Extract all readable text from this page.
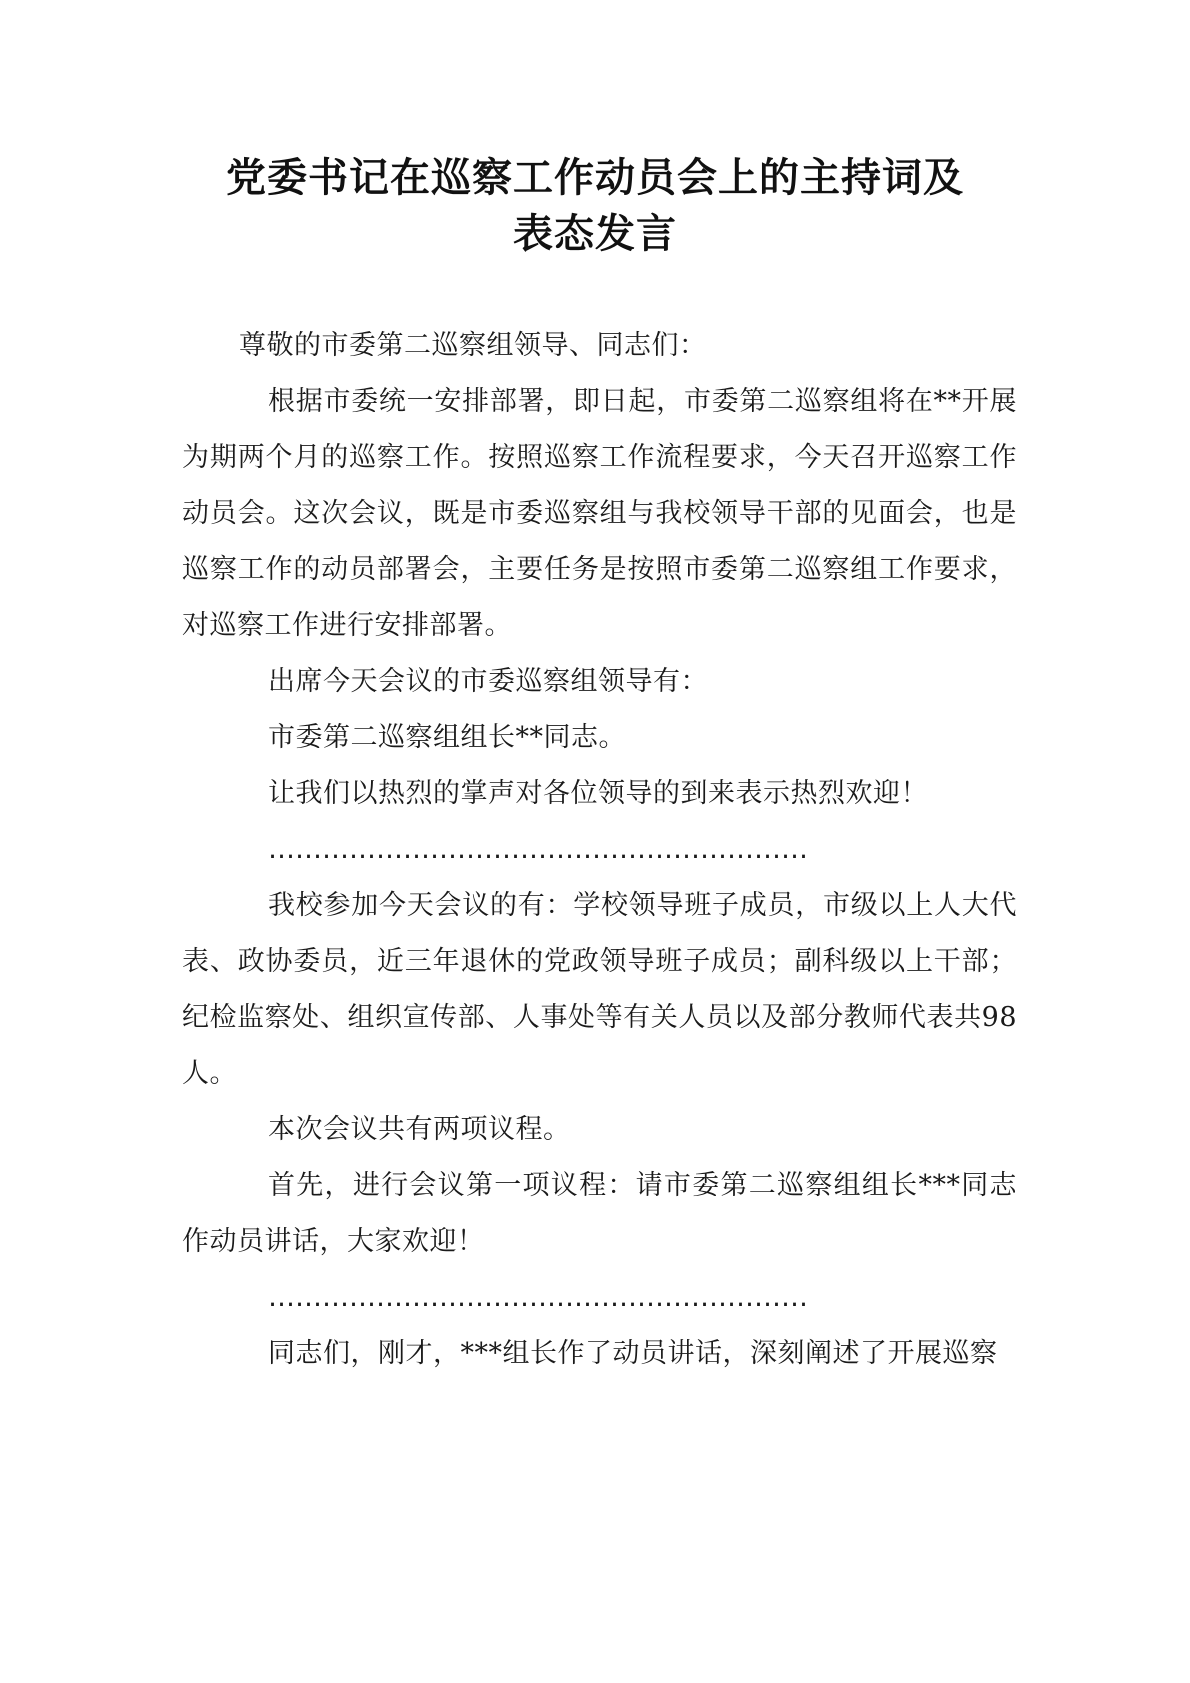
党委书记在巡察工作动员会上的主持词及
表态发言

尊敬的市委第二巡察组领导、同志们：

根据市委统一安排部署，即日起，市委第二巡察组将在**开展为期两个月的巡察工作。按照巡察工作流程要求，今天召开巡察工作动员会。这次会议，既是市委巡察组与我校领导干部的见面会，也是巡察工作的动员部署会，主要任务是按照市委第二巡察组工作要求，对巡察工作进行安排部署。

出席今天会议的市委巡察组领导有：

市委第二巡察组组长**同志。

让我们以热烈的掌声对各位领导的到来表示热烈欢迎！

……………………………………………………

我校参加今天会议的有：学校领导班子成员，市级以上人大代表、政协委员，近三年退休的党政领导班子成员；副科级以上干部；纪检监察处、组织宣传部、人事处等有关人员以及部分教师代表共98人。

本次会议共有两项议程。

首先，进行会议第一项议程：请市委第二巡察组组长***同志作动员讲话，大家欢迎！

……………………………………………………

同志们，刚才，***组长作了动员讲话，深刻阐述了开展巡察
